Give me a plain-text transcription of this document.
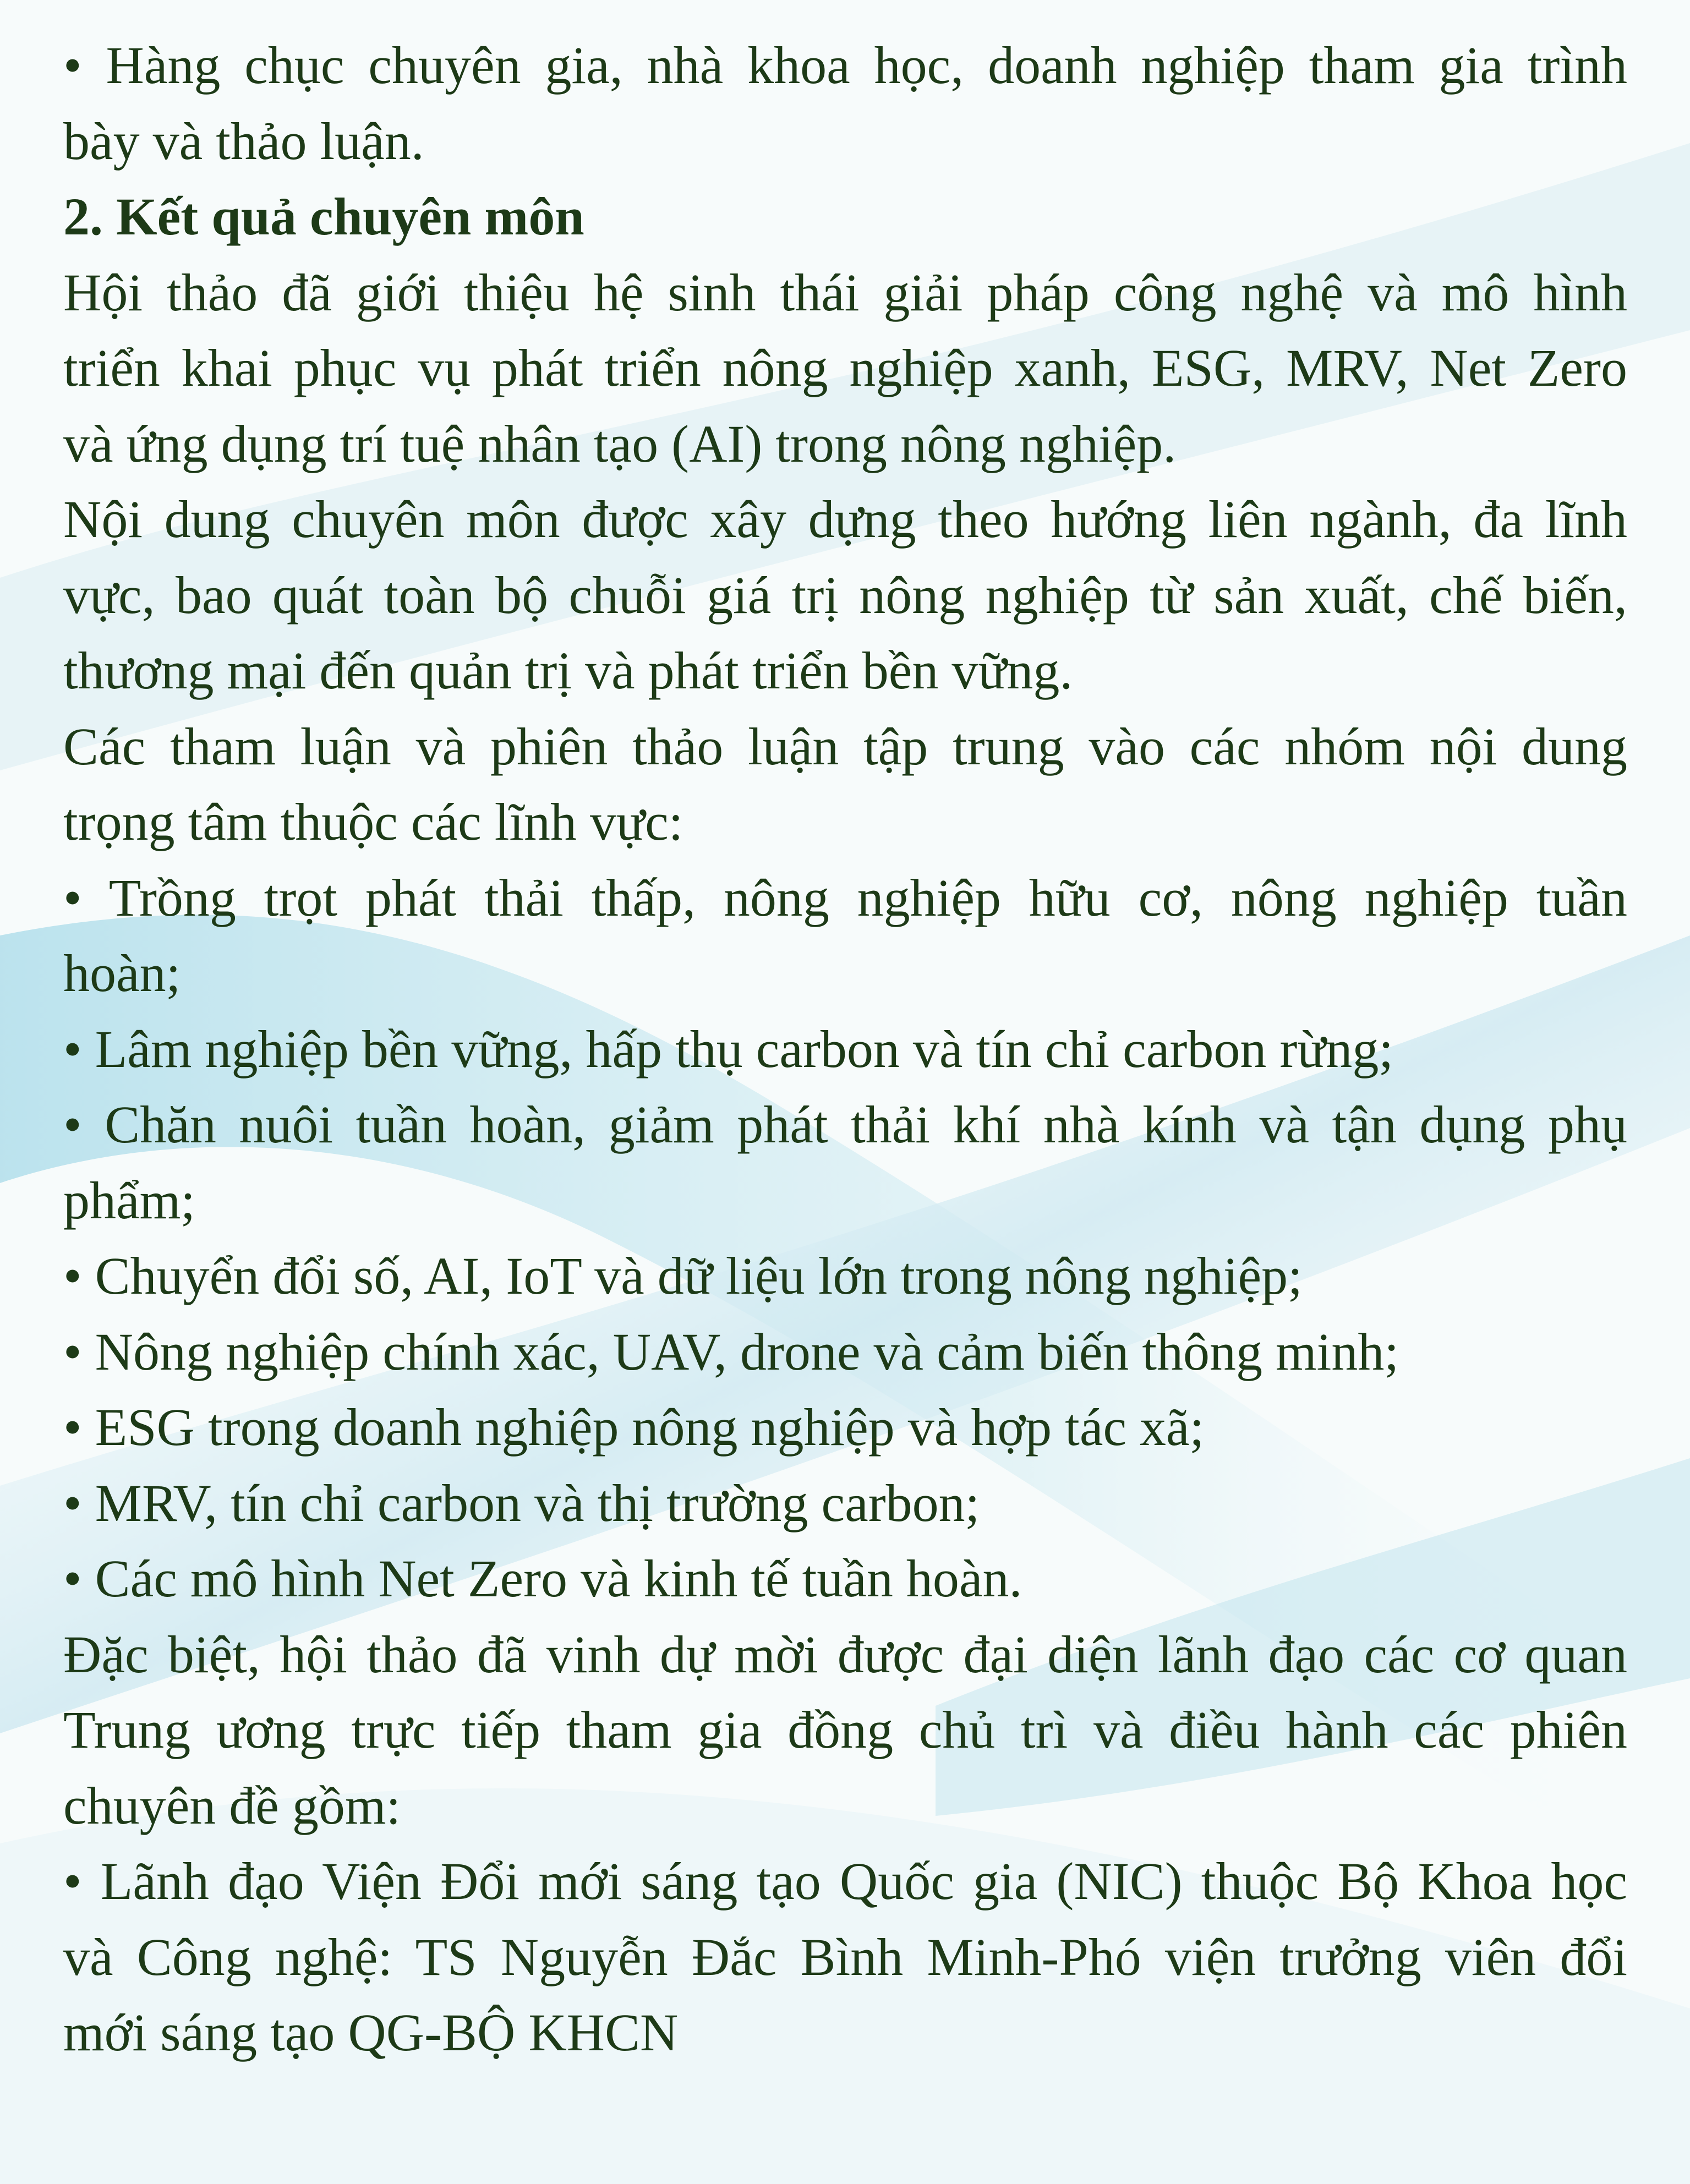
• Hàng chục chuyên gia, nhà khoa học, doanh nghiệp tham gia trình
bày và thảo luận.
2. Kết quả chuyên môn
Hội thảo đã giới thiệu hệ sinh thái giải pháp công nghệ và mô hình
triển khai phục vụ phát triển nông nghiệp xanh, ESG, MRV, Net Zero
và ứng dụng trí tuệ nhân tạo (AI) trong nông nghiệp.
Nội dung chuyên môn được xây dựng theo hướng liên ngành, đa lĩnh
vực, bao quát toàn bộ chuỗi giá trị nông nghiệp từ sản xuất, chế biến,
thương mại đến quản trị và phát triển bền vững.
Các tham luận và phiên thảo luận tập trung vào các nhóm nội dung
trọng tâm thuộc các lĩnh vực:
• Trồng trọt phát thải thấp, nông nghiệp hữu cơ, nông nghiệp tuần
hoàn;
• Lâm nghiệp bền vững, hấp thụ carbon và tín chỉ carbon rừng;
• Chăn nuôi tuần hoàn, giảm phát thải khí nhà kính và tận dụng phụ
phẩm;
• Chuyển đổi số, AI, IoT và dữ liệu lớn trong nông nghiệp;
• Nông nghiệp chính xác, UAV, drone và cảm biến thông minh;
• ESG trong doanh nghiệp nông nghiệp và hợp tác xã;
• MRV, tín chỉ carbon và thị trường carbon;
• Các mô hình Net Zero và kinh tế tuần hoàn.
Đặc biệt, hội thảo đã vinh dự mời được đại diện lãnh đạo các cơ quan
Trung ương trực tiếp tham gia đồng chủ trì và điều hành các phiên
chuyên đề gồm:
• Lãnh đạo Viện Đổi mới sáng tạo Quốc gia (NIC) thuộc Bộ Khoa học
và Công nghệ: TS Nguyễn Đắc Bình Minh-Phó viện trưởng viên đổi
mới sáng tạo QG-BỘ KHCN
